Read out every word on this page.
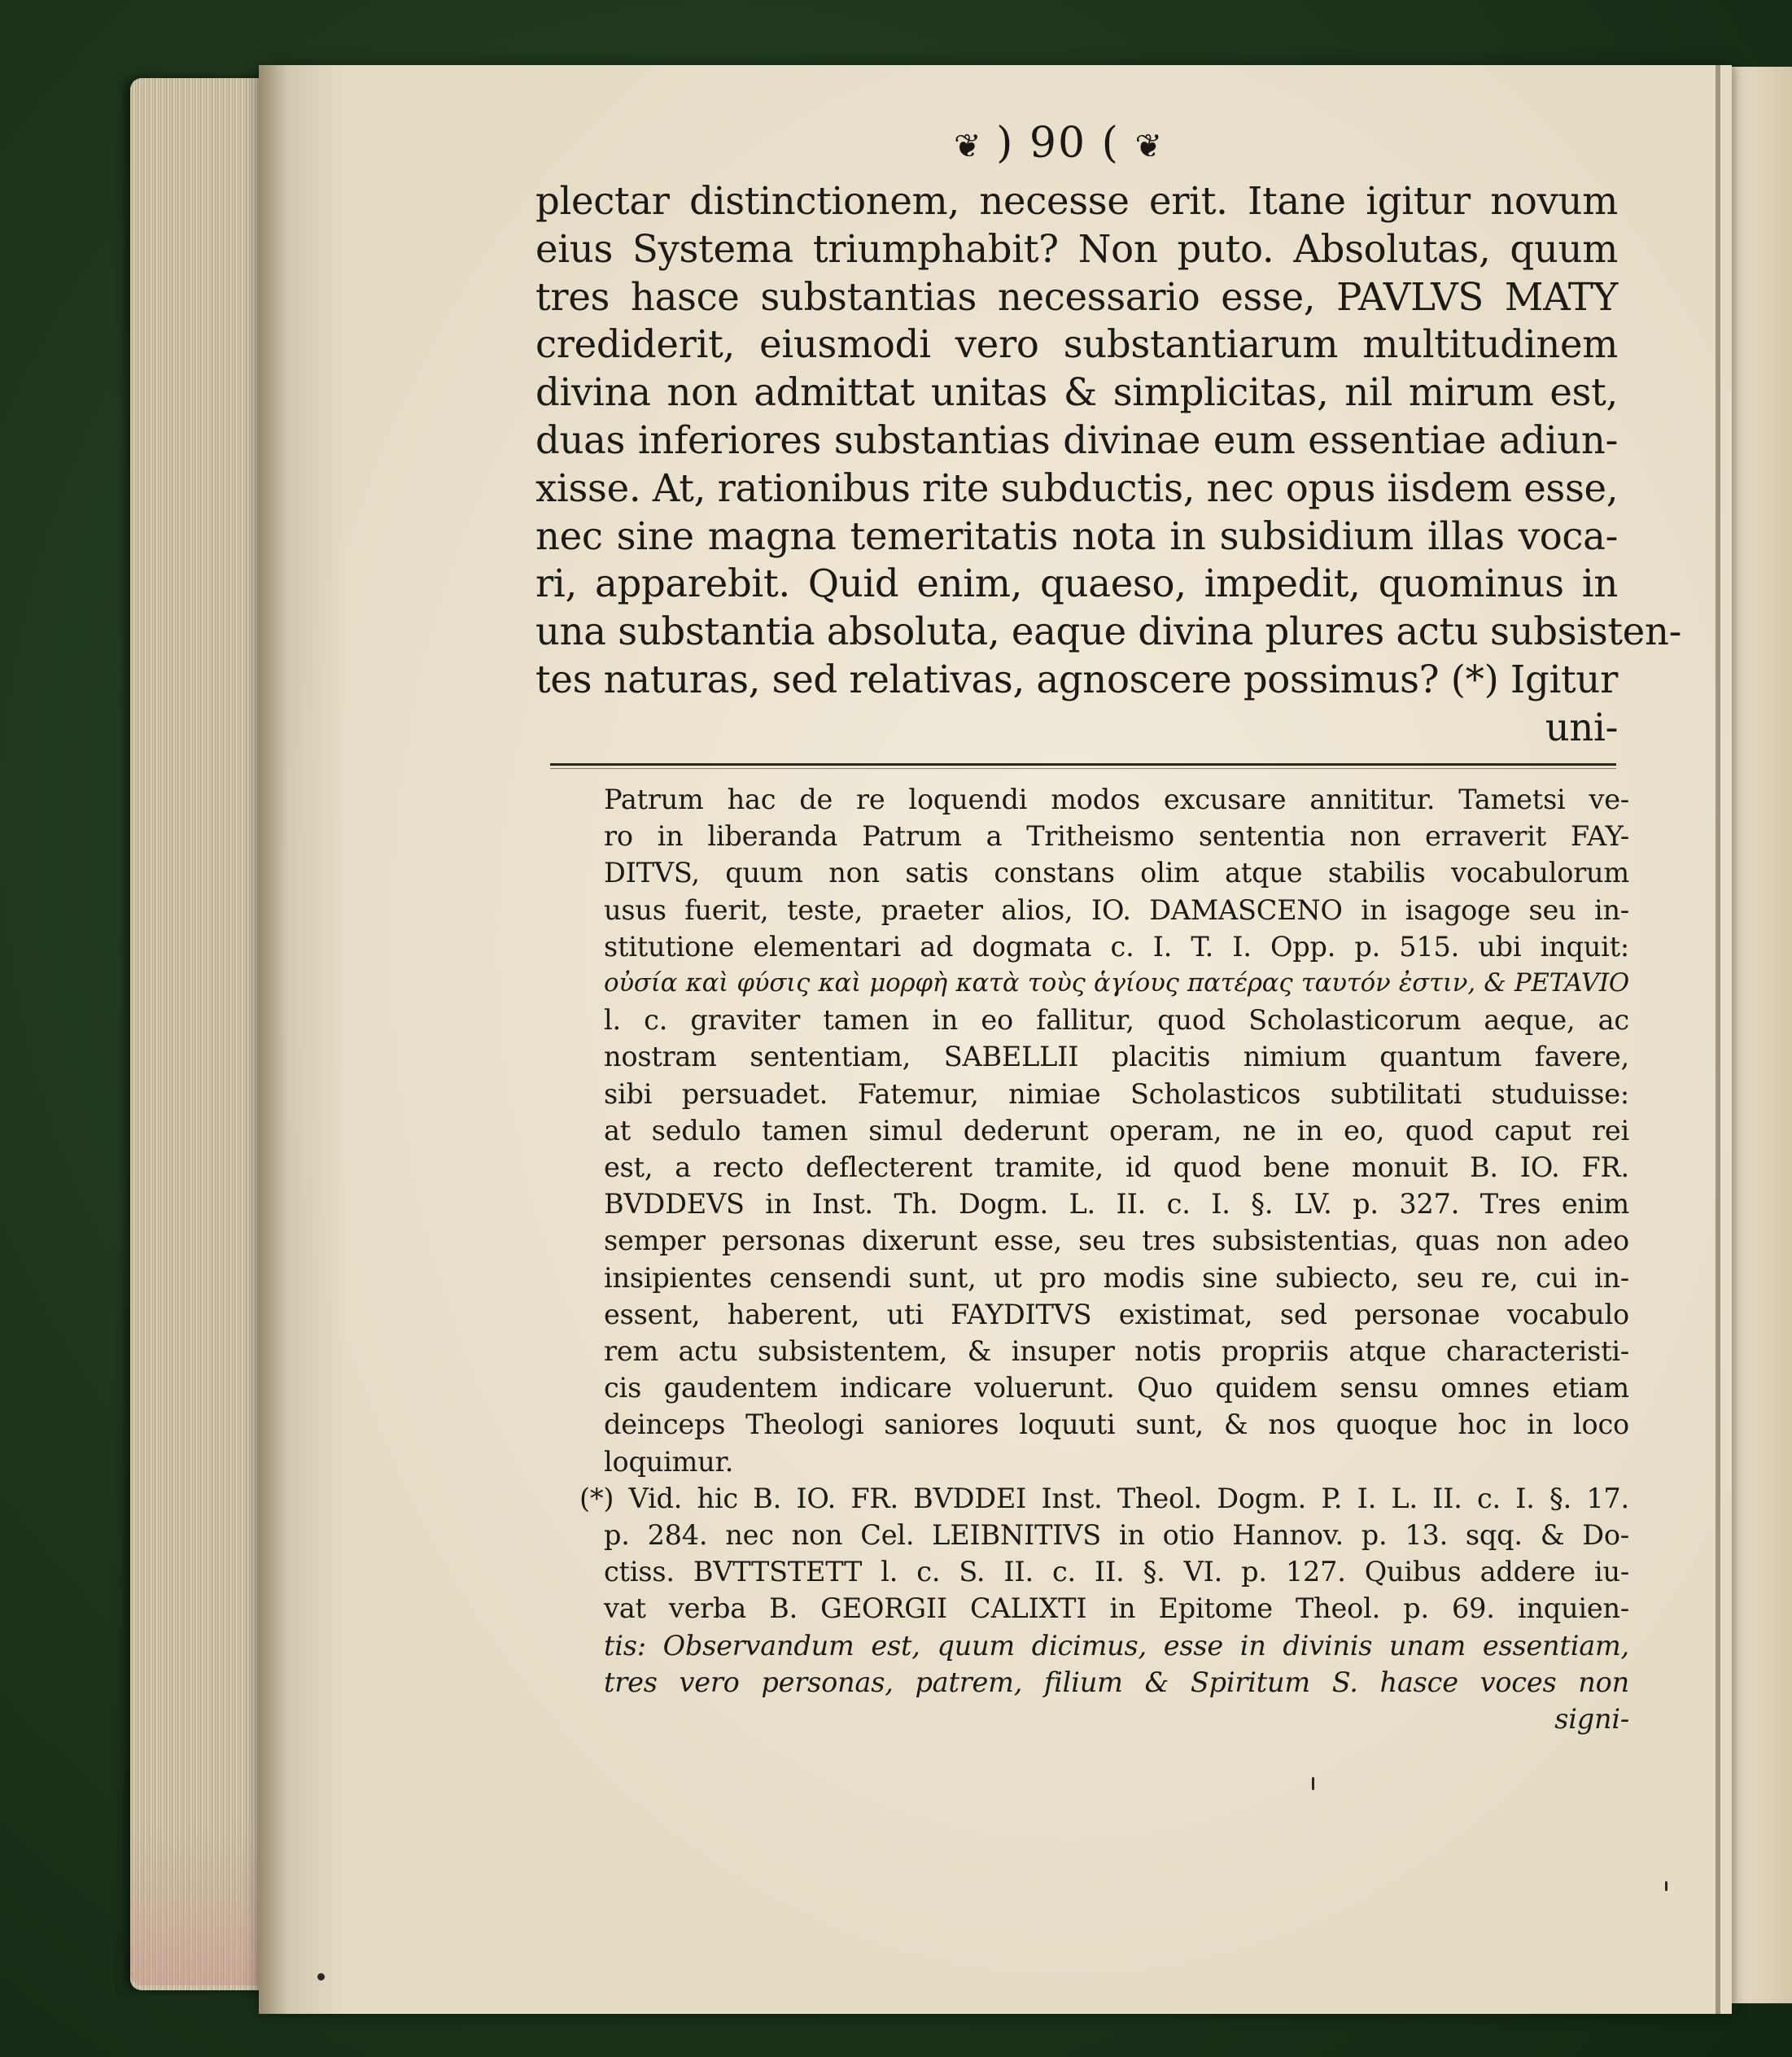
❦ ) 90 ( ❦
plectar distinctionem, necesse erit. Itane igitur novum
eius Systema triumphabit? Non puto. Absolutas, quum
tres hasce substantias necessario esse, PAVLVS MATY
crediderit, eiusmodi vero substantiarum multitudinem
divina non admittat unitas & simplicitas, nil mirum est,
duas inferiores substantias divinae eum essentiae adiun-
xisse. At, rationibus rite subductis, nec opus iisdem esse,
nec sine magna temeritatis nota in subsidium illas voca-
ri, apparebit. Quid enim, quaeso, impedit, quominus in
una substantia absoluta, eaque divina plures actu subsisten-
tes naturas, sed relativas, agnoscere possimus? (*) Igitur
uni-
Patrum hac de re loquendi modos excusare annititur. Tametsi ve-
ro in liberanda Patrum a Tritheismo sententia non erraverit FAY-
DITVS, quum non satis constans olim atque stabilis vocabulorum
usus fuerit, teste, praeter alios, IO. DAMASCENO in isagoge seu in-
stitutione elementari ad dogmata c. I. T. I. Opp. p. 515. ubi inquit:
οὐσία καὶ φύσις καὶ μορφὴ κατὰ τοὺς ἁγίους πατέρας ταυτόν ἐστιν, & PETAVIO
l. c. graviter tamen in eo fallitur, quod Scholasticorum aeque, ac
nostram sententiam, SABELLII placitis nimium quantum favere,
sibi persuadet. Fatemur, nimiae Scholasticos subtilitati studuisse:
at sedulo tamen simul dederunt operam, ne in eo, quod caput rei
est, a recto deflecterent tramite, id quod bene monuit B. IO. FR.
BVDDEVS in Inst. Th. Dogm. L. II. c. I. §. LV. p. 327. Tres enim
semper personas dixerunt esse, seu tres subsistentias, quas non adeo
insipientes censendi sunt, ut pro modis sine subiecto, seu re, cui in-
essent, haberent, uti FAYDITVS existimat, sed personae vocabulo
rem actu subsistentem, & insuper notis propriis atque characteristi-
cis gaudentem indicare voluerunt. Quo quidem sensu omnes etiam
deinceps Theologi saniores loquuti sunt, & nos quoque hoc in loco
loquimur.
(*) Vid. hic B. IO. FR. BVDDEI Inst. Theol. Dogm. P. I. L. II. c. I. §. 17.
p. 284. nec non Cel. LEIBNITIVS in otio Hannov. p. 13. sqq. & Do-
ctiss. BVTTSTETT l. c. S. II. c. II. §. VI. p. 127. Quibus addere iu-
vat verba B. GEORGII CALIXTI in Epitome Theol. p. 69. inquien-
tis: Observandum est, quum dicimus, esse in divinis unam essentiam,
tres vero personas, patrem, filium & Spiritum S. hasce voces non
signi-
